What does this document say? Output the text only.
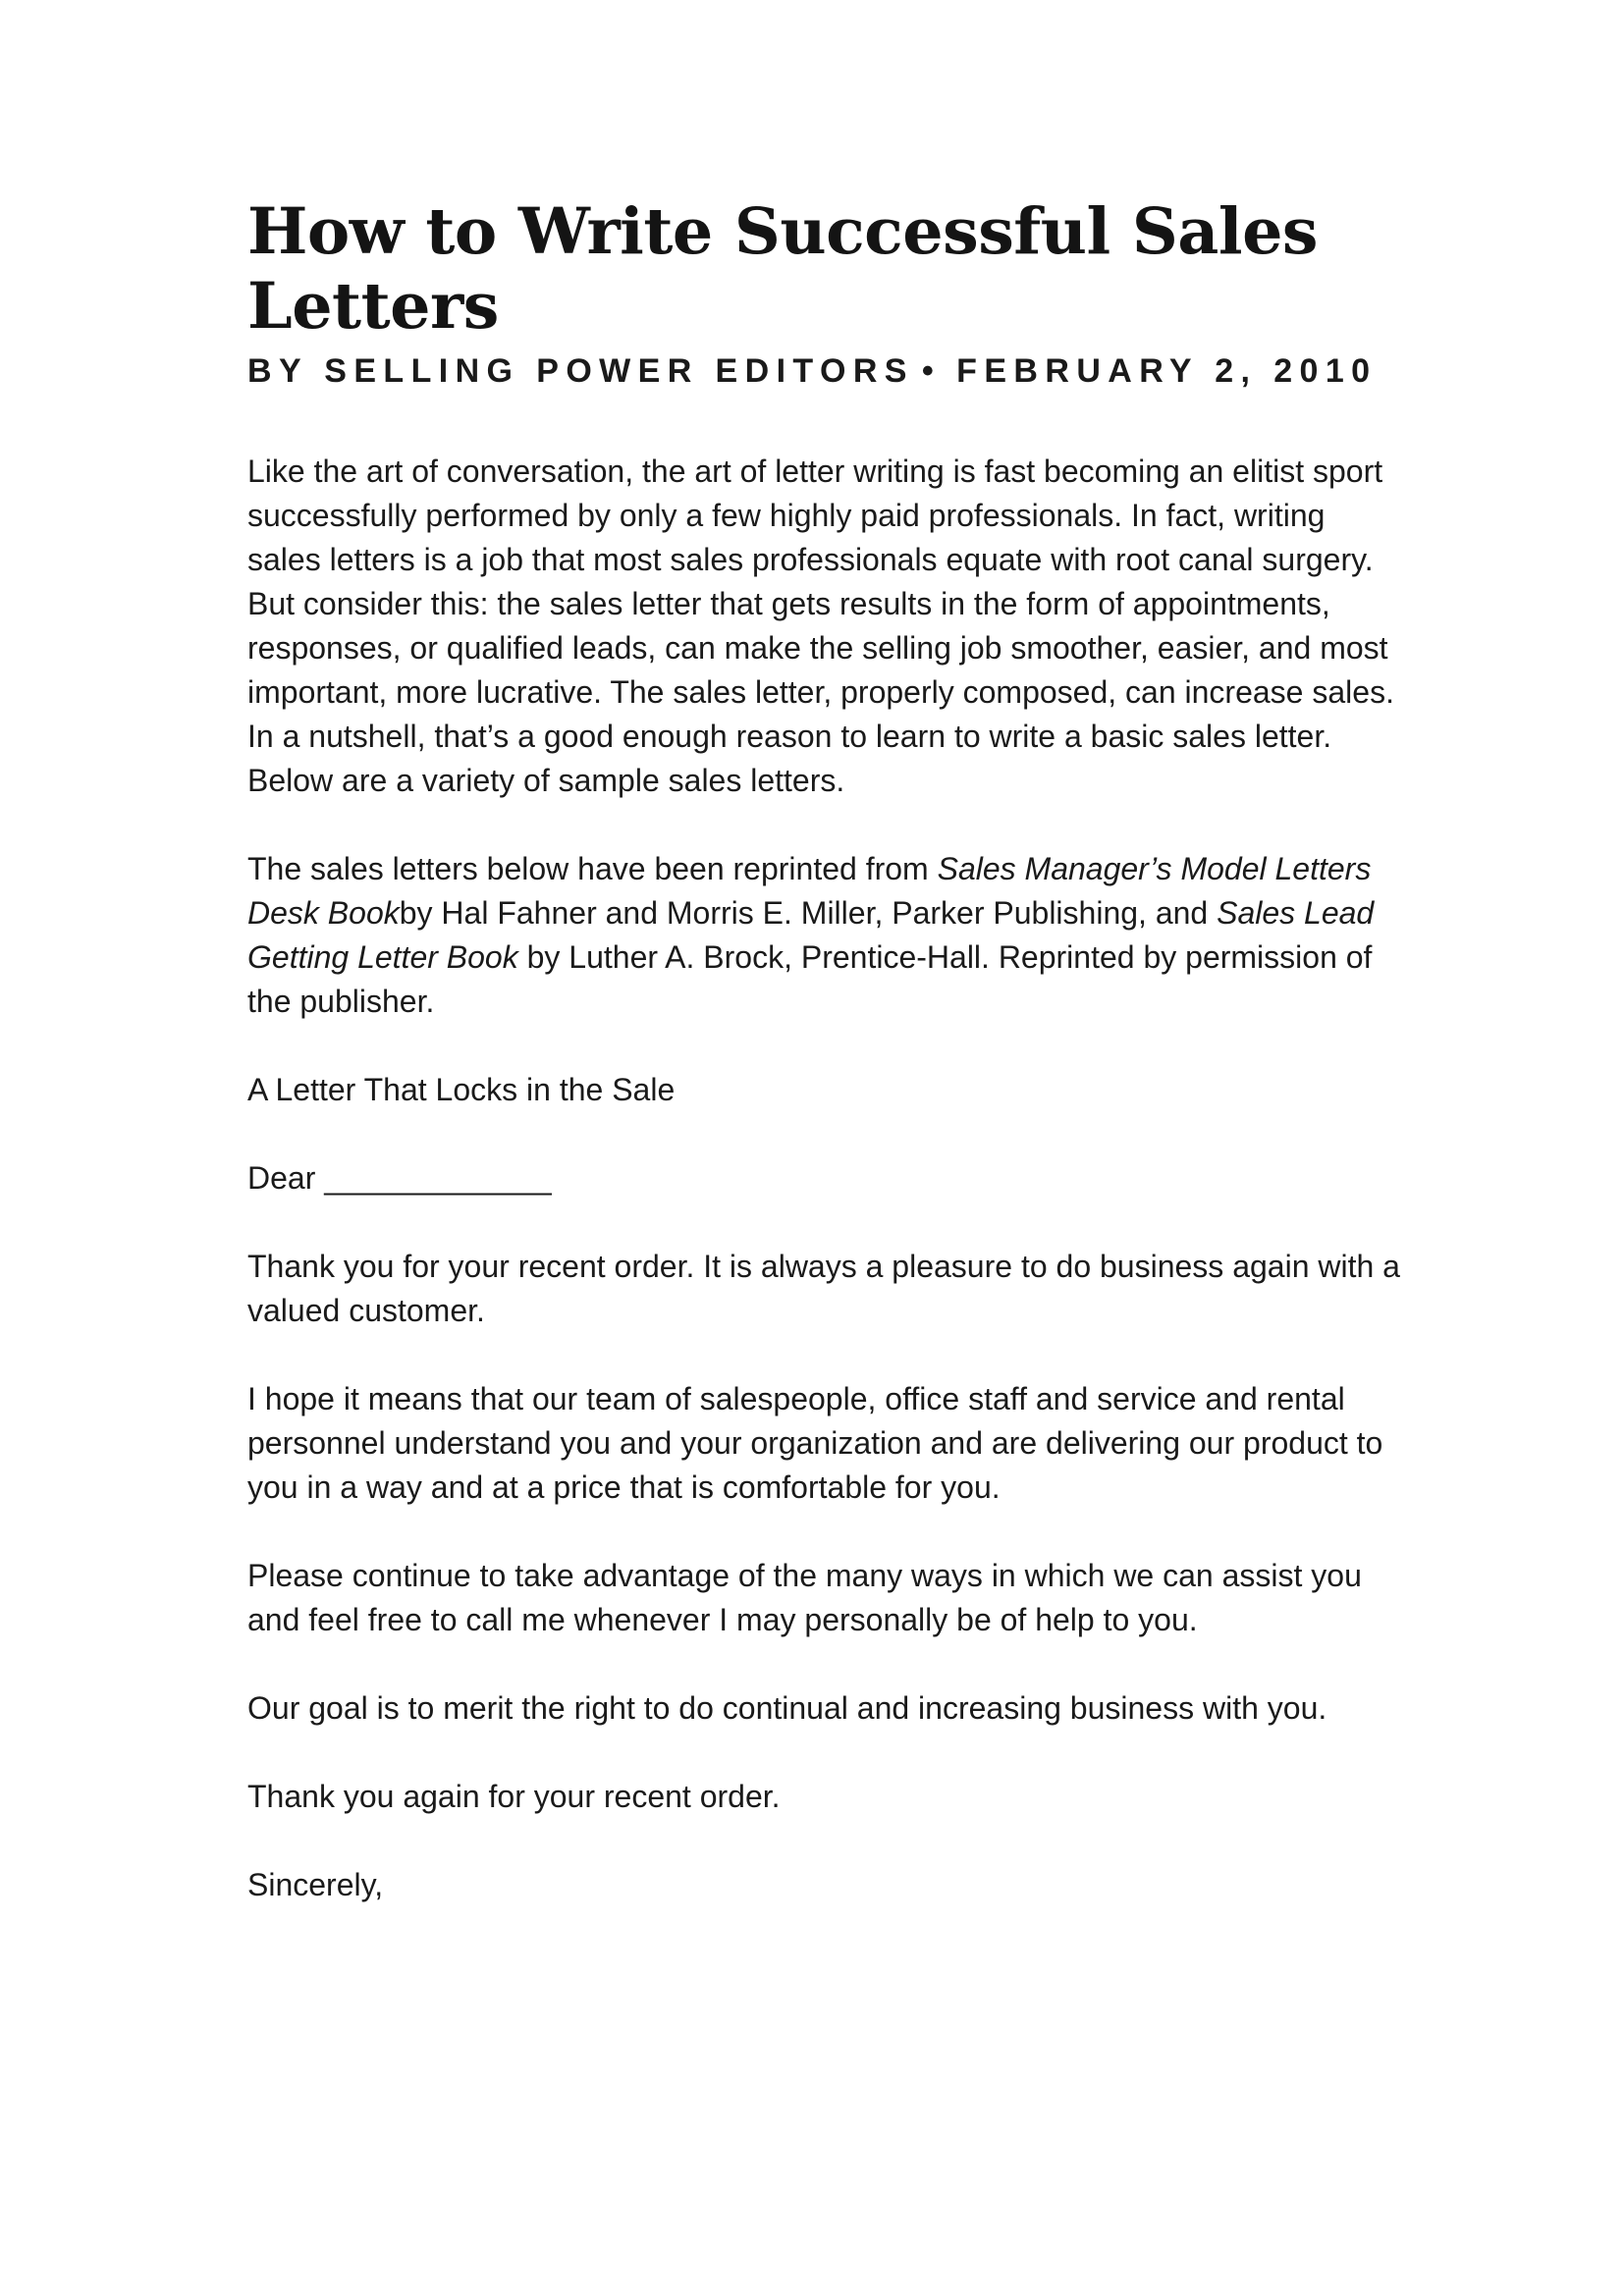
How to Write Successful Sales Letters
BY SELLING POWER EDITORS • FEBRUARY 2, 2010

Like the art of conversation, the art of letter writing is fast becoming an elitist sport successfully performed by only a few highly paid professionals. In fact, writing sales letters is a job that most sales professionals equate with root canal surgery. But consider this: the sales letter that gets results in the form of appointments, responses, or qualified leads, can make the selling job smoother, easier, and most important, more lucrative. The sales letter, properly composed, can increase sales. In a nutshell, that’s a good enough reason to learn to write a basic sales letter. Below are a variety of sample sales letters.

The sales letters below have been reprinted from Sales Manager’s Model Letters Desk Bookby Hal Fahner and Morris E. Miller, Parker Publishing, and Sales Lead Getting Letter Book by Luther A. Brock, Prentice-Hall. Reprinted by permission of the publisher.

A Letter That Locks in the Sale

Dear _____________

Thank you for your recent order. It is always a pleasure to do business again with a valued customer.

I hope it means that our team of salespeople, office staff and service and rental personnel understand you and your organization and are delivering our product to you in a way and at a price that is comfortable for you.

Please continue to take advantage of the many ways in which we can assist you and feel free to call me whenever I may personally be of help to you.

Our goal is to merit the right to do continual and increasing business with you.

Thank you again for your recent order.

Sincerely,
